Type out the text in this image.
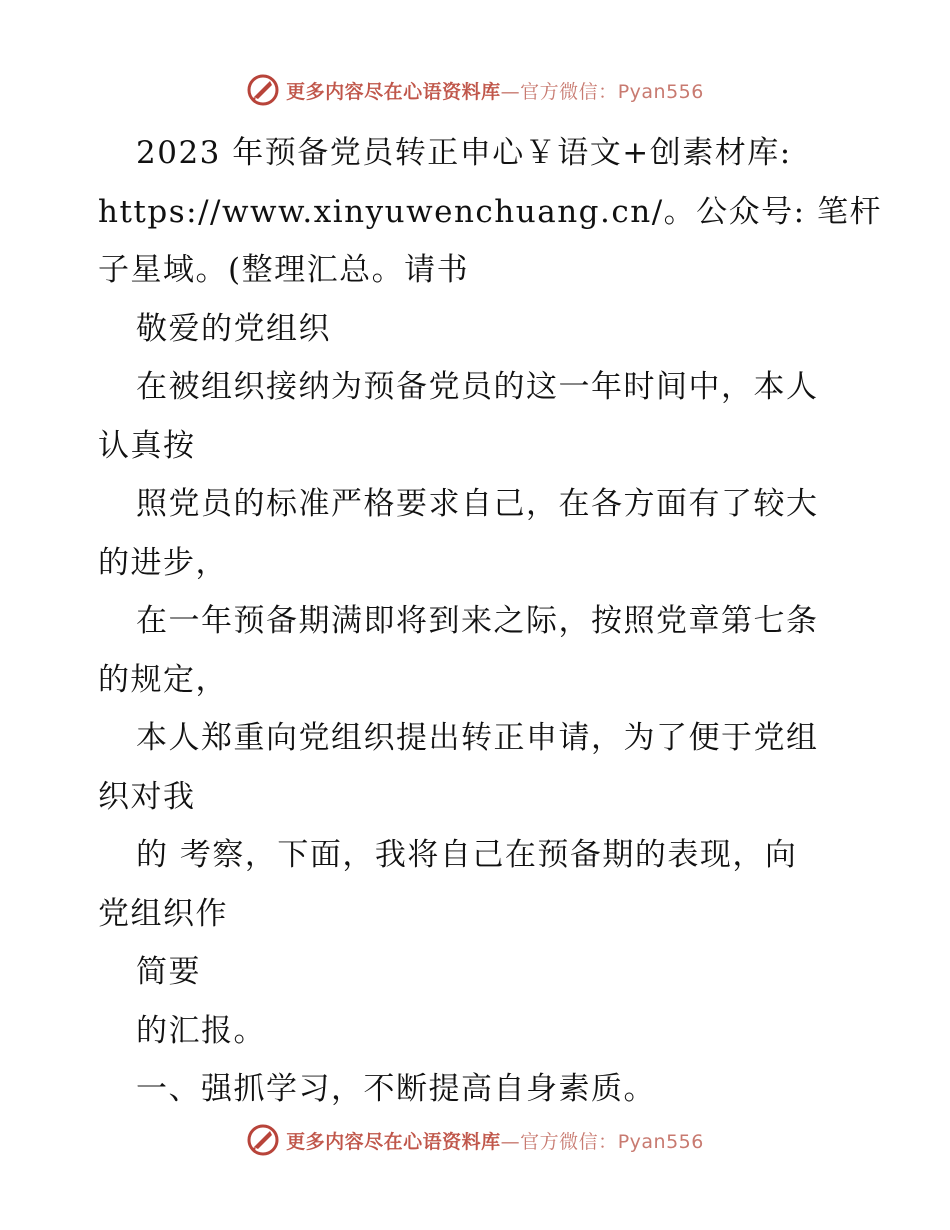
更多内容尽在心语资料库—官方微信：Pyan556
2023 年预备党员转正申心￥语文+创素材库:
https://www.xinyuwenchuang.cn/。公众号: 笔杆
子星域。(整理汇总。请书
敬爱的党组织
在被组织接纳为预备党员的这一年时间中，本人
认真按
照党员的标准严格要求自己，在各方面有了较大
的进步，
在一年预备期满即将到来之际，按照党章第七条
的规定，
本人郑重向党组织提出转正申请，为了便于党组
织对我
的 考察，下面，我将自己在预备期的表现，向
党组织作
简要
的汇报。
一、强抓学习，不断提高自身素质。
更多内容尽在心语资料库—官方微信：Pyan556
